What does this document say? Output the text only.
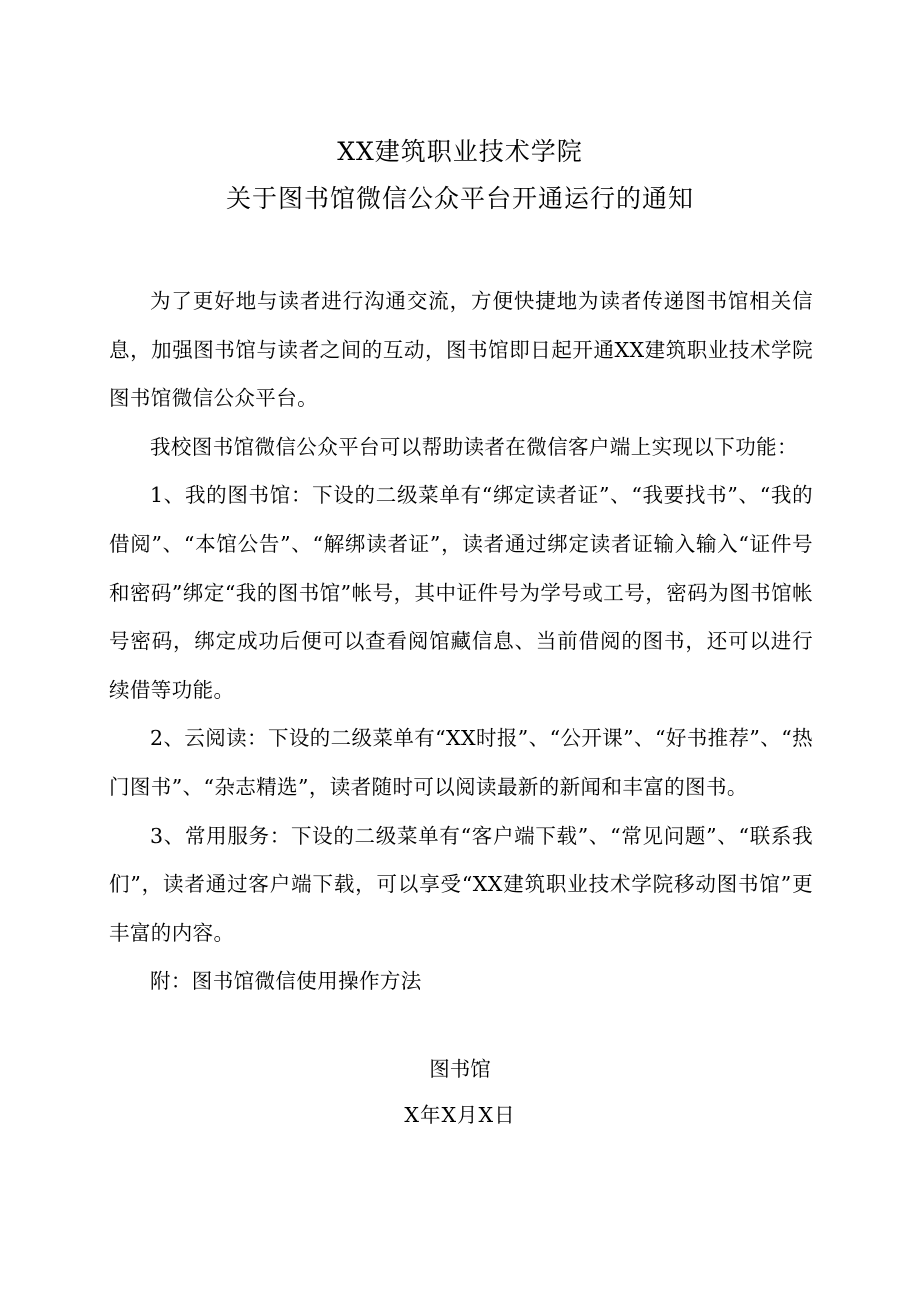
XX建筑职业技术学院
关于图书馆微信公众平台开通运行的通知

为了更好地与读者进行沟通交流，方便快捷地为读者传递图书馆相关信息，加强图书馆与读者之间的互动，图书馆即日起开通XX建筑职业技术学院图书馆微信公众平台。

我校图书馆微信公众平台可以帮助读者在微信客户端上实现以下功能：

1、我的图书馆：下设的二级菜单有“绑定读者证”、“我要找书”、“我的借阅”、“本馆公告”、“解绑读者证”，读者通过绑定读者证输入输入“证件号和密码”绑定“我的图书馆”帐号，其中证件号为学号或工号，密码为图书馆帐号密码，绑定成功后便可以查看阅馆藏信息、当前借阅的图书，还可以进行续借等功能。

2、云阅读：下设的二级菜单有“XX时报”、“公开课”、“好书推荐”、“热门图书”、“杂志精选”，读者随时可以阅读最新的新闻和丰富的图书。

3、常用服务：下设的二级菜单有“客户端下载”、“常见问题”、“联系我们”，读者通过客户端下载，可以享受“XX建筑职业技术学院移动图书馆”更丰富的内容。

附：图书馆微信使用操作方法

图书馆
X年X月X日
